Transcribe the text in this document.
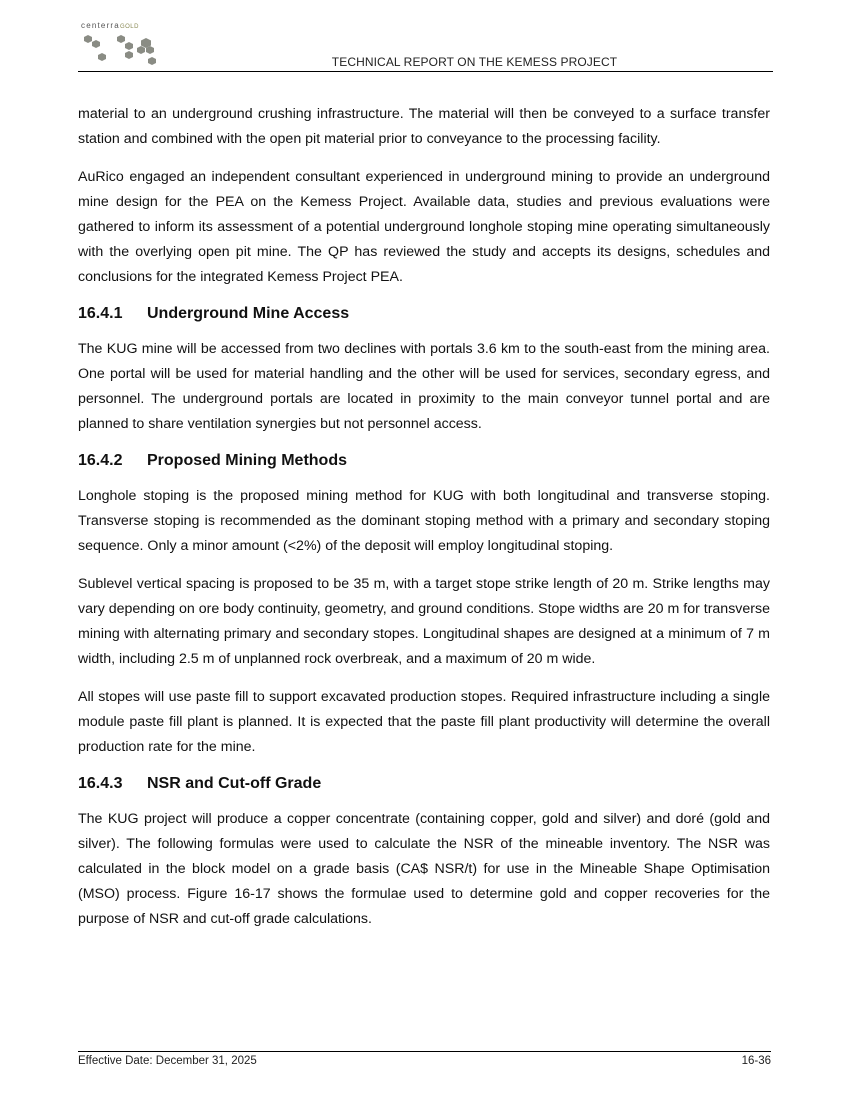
centerraGOLD
TECHNICAL REPORT ON THE KEMESS PROJECT

material to an underground crushing infrastructure. The material will then be conveyed to a surface transfer station and combined with the open pit material prior to conveyance to the processing facility.

AuRico engaged an independent consultant experienced in underground mining to provide an underground mine design for the PEA on the Kemess Project. Available data, studies and previous evaluations were gathered to inform its assessment of a potential underground longhole stoping mine operating simultaneously with the overlying open pit mine. The QP has reviewed the study and accepts its designs, schedules and conclusions for the integrated Kemess Project PEA.

16.4.1 Underground Mine Access

The KUG mine will be accessed from two declines with portals 3.6 km to the south-east from the mining area. One portal will be used for material handling and the other will be used for services, secondary egress, and personnel. The underground portals are located in proximity to the main conveyor tunnel portal and are planned to share ventilation synergies but not personnel access.

16.4.2 Proposed Mining Methods

Longhole stoping is the proposed mining method for KUG with both longitudinal and transverse stoping. Transverse stoping is recommended as the dominant stoping method with a primary and secondary stoping sequence. Only a minor amount (<2%) of the deposit will employ longitudinal stoping.

Sublevel vertical spacing is proposed to be 35 m, with a target stope strike length of 20 m. Strike lengths may vary depending on ore body continuity, geometry, and ground conditions. Stope widths are 20 m for transverse mining with alternating primary and secondary stopes. Longitudinal shapes are designed at a minimum of 7 m width, including 2.5 m of unplanned rock overbreak, and a maximum of 20 m wide.

All stopes will use paste fill to support excavated production stopes. Required infrastructure including a single module paste fill plant is planned. It is expected that the paste fill plant productivity will determine the overall production rate for the mine.

16.4.3 NSR and Cut-off Grade

The KUG project will produce a copper concentrate (containing copper, gold and silver) and doré (gold and silver). The following formulas were used to calculate the NSR of the mineable inventory. The NSR was calculated in the block model on a grade basis (CA$ NSR/t) for use in the Mineable Shape Optimisation (MSO) process. Figure 16-17 shows the formulae used to determine gold and copper recoveries for the purpose of NSR and cut-off grade calculations.

Effective Date: December 31, 2025	16-36
